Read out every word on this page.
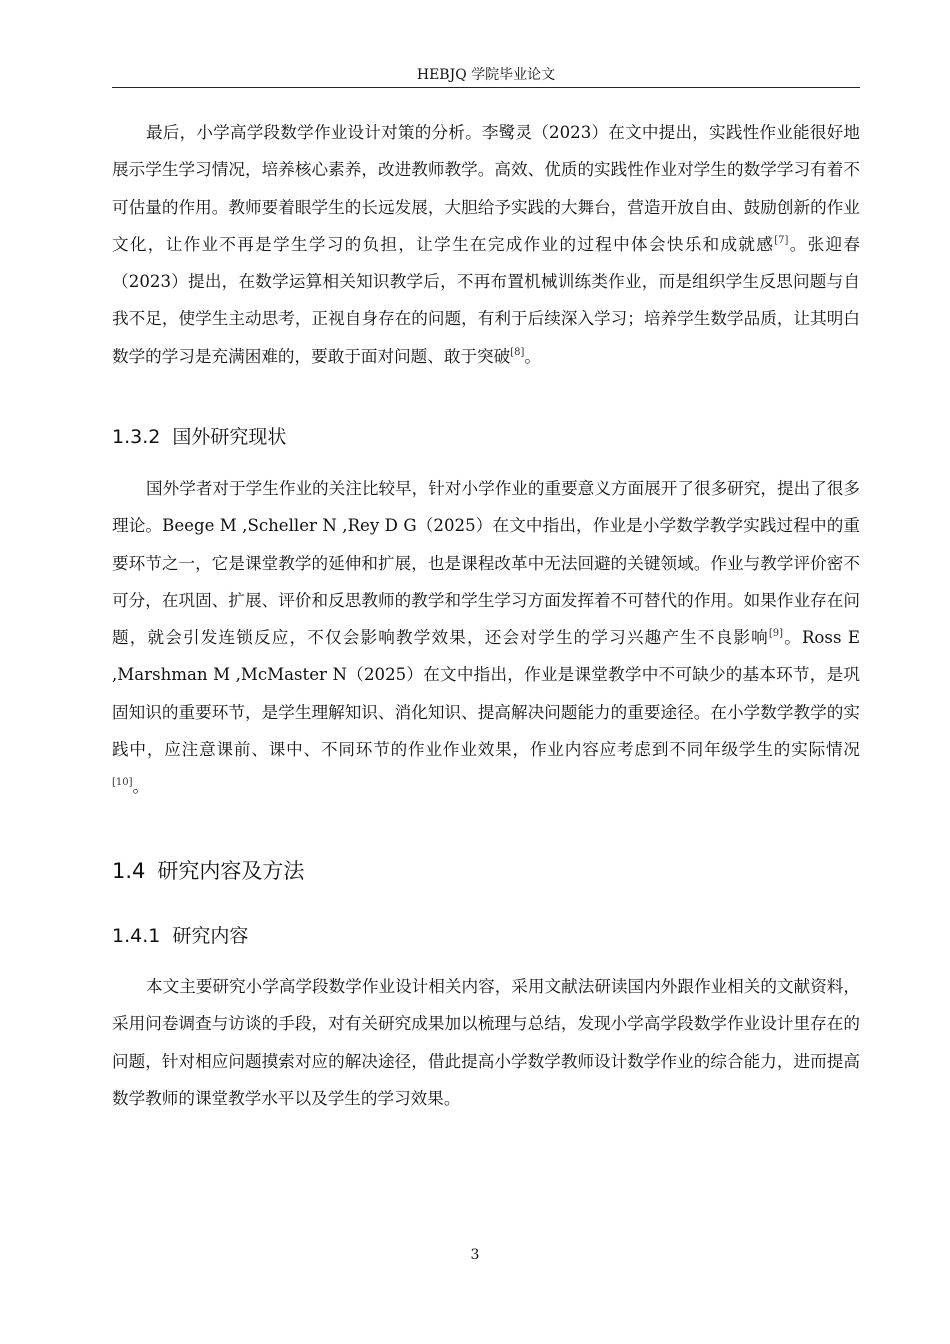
HEBJQ 学院毕业论文

最后，小学高学段数学作业设计对策的分析。李鹭灵（2023）在文中提出，实践性作业能很好地展示学生学习情况，培养核心素养，改进教师教学。高效、优质的实践性作业对学生的数学学习有着不可估量的作用。教师要着眼学生的长远发展，大胆给予实践的大舞台，营造开放自由、鼓励创新的作业文化，让作业不再是学生学习的负担，让学生在完成作业的过程中体会快乐和成就感[7]。张迎春（2023）提出，在数学运算相关知识教学后，不再布置机械训练类作业，而是组织学生反思问题与自我不足，使学生主动思考，正视自身存在的问题，有利于后续深入学习；培养学生数学品质，让其明白数学的学习是充满困难的，要敢于面对问题、敢于突破[8]。

1.3.2 国外研究现状

国外学者对于学生作业的关注比较早，针对小学作业的重要意义方面展开了很多研究，提出了很多理论。Beege M ,Scheller N ,Rey D G（2025）在文中指出，作业是小学数学教学实践过程中的重要环节之一，它是课堂教学的延伸和扩展，也是课程改革中无法回避的关键领域。作业与教学评价密不可分，在巩固、扩展、评价和反思教师的教学和学生学习方面发挥着不可替代的作用。如果作业存在问题，就会引发连锁反应，不仅会影响教学效果，还会对学生的学习兴趣产生不良影响[9]。Ross E ,Marshman M ,McMaster N（2025）在文中指出，作业是课堂教学中不可缺少的基本环节，是巩固知识的重要环节，是学生理解知识、消化知识、提高解决问题能力的重要途径。在小学数学教学的实践中，应注意课前、课中、不同环节的作业作业效果，作业内容应考虑到不同年级学生的实际情况[10]。

1.4 研究内容及方法
1.4.1 研究内容

本文主要研究小学高学段数学作业设计相关内容，采用文献法研读国内外跟作业相关的文献资料，采用问卷调查与访谈的手段，对有关研究成果加以梳理与总结，发现小学高学段数学作业设计里存在的问题，针对相应问题摸索对应的解决途径，借此提高小学数学教师设计数学作业的综合能力，进而提高数学教师的课堂教学水平以及学生的学习效果。

3
